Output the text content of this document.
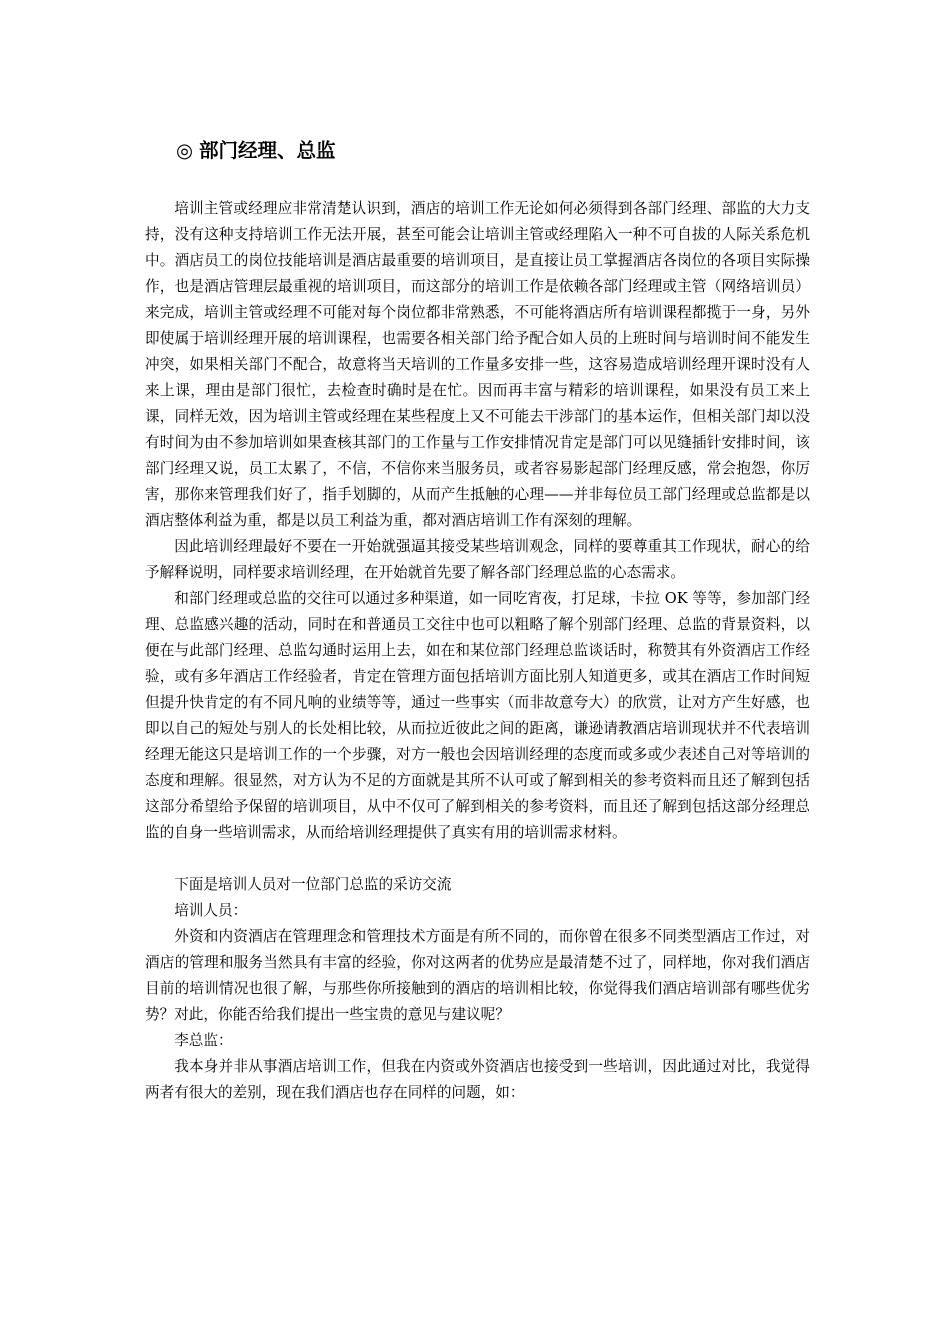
◎ 部门经理、总监

培训主管或经理应非常清楚认识到，酒店的培训工作无论如何必须得到各部门经理、部监的大力支持，没有这种支持培训工作无法开展，甚至可能会让培训主管或经理陷入一种不可自拔的人际关系危机中。酒店员工的岗位技能培训是酒店最重要的培训项目，是直接让员工掌握酒店各岗位的各项目实际操作，也是酒店管理层最重视的培训项目，而这部分的培训工作是依赖各部门经理或主管（网络培训员）来完成，培训主管或经理不可能对每个岗位都非常熟悉，不可能将酒店所有培训课程都揽于一身，另外即使属于培训经理开展的培训课程，也需要各相关部门给予配合如人员的上班时间与培训时间不能发生冲突，如果相关部门不配合，故意将当天培训的工作量多安排一些，这容易造成培训经理开课时没有人来上课，理由是部门很忙，去检查时确时是在忙。因而再丰富与精彩的培训课程，如果没有员工来上课，同样无效，因为培训主管或经理在某些程度上又不可能去干涉部门的基本运作，但相关部门却以没有时间为由不参加培训如果查核其部门的工作量与工作安排情况肯定是部门可以见缝插针安排时间，该部门经理又说，员工太累了，不信，不信你来当服务员，或者容易影起部门经理反感，常会抱怨，你厉害，那你来管理我们好了，指手划脚的，从而产生抵触的心理——并非每位员工部门经理或总监都是以酒店整体利益为重，都是以员工利益为重，都对酒店培训工作有深刻的理解。

因此培训经理最好不要在一开始就强逼其接受某些培训观念，同样的要尊重其工作现状，耐心的给予解释说明，同样要求培训经理，在开始就首先要了解各部门经理总监的心态需求。

和部门经理或总监的交往可以通过多种渠道，如一同吃宵夜，打足球，卡拉 OK 等等，参加部门经理、总监感兴趣的活动，同时在和普通员工交往中也可以粗略了解个别部门经理、总监的背景资料，以便在与此部门经理、总监勾通时运用上去，如在和某位部门经理总监谈话时，称赞其有外资酒店工作经验，或有多年酒店工作经验者，肯定在管理方面包括培训方面比别人知道更多，或其在酒店工作时间短但提升快肯定的有不同凡响的业绩等等，通过一些事实（而非故意夸大）的欣赏，让对方产生好感，也即以自己的短处与别人的长处相比较，从而拉近彼此之间的距离，谦逊请教酒店培训现状并不代表培训经理无能这只是培训工作的一个步骤，对方一般也会因培训经理的态度而或多或少表述自己对等培训的态度和理解。很显然，对方认为不足的方面就是其所不认可或了解到相关的参考资料而且还了解到包括这部分希望给予保留的培训项目，从中不仅可了解到相关的参考资料，而且还了解到包括这部分经理总监的自身一些培训需求，从而给培训经理提供了真实有用的培训需求材料。

下面是培训人员对一位部门总监的采访交流

培训人员：

外资和内资酒店在管理理念和管理技术方面是有所不同的，而你曾在很多不同类型酒店工作过，对酒店的管理和服务当然具有丰富的经验，你对这两者的优势应是最清楚不过了，同样地，你对我们酒店目前的培训情况也很了解，与那些你所接触到的酒店的培训相比较，你觉得我们酒店培训部有哪些优劣势？对此，你能否给我们提出一些宝贵的意见与建议呢？

李总监：

我本身并非从事酒店培训工作，但我在内资或外资酒店也接受到一些培训，因此通过对比，我觉得两者有很大的差别，现在我们酒店也存在同样的问题，如：
